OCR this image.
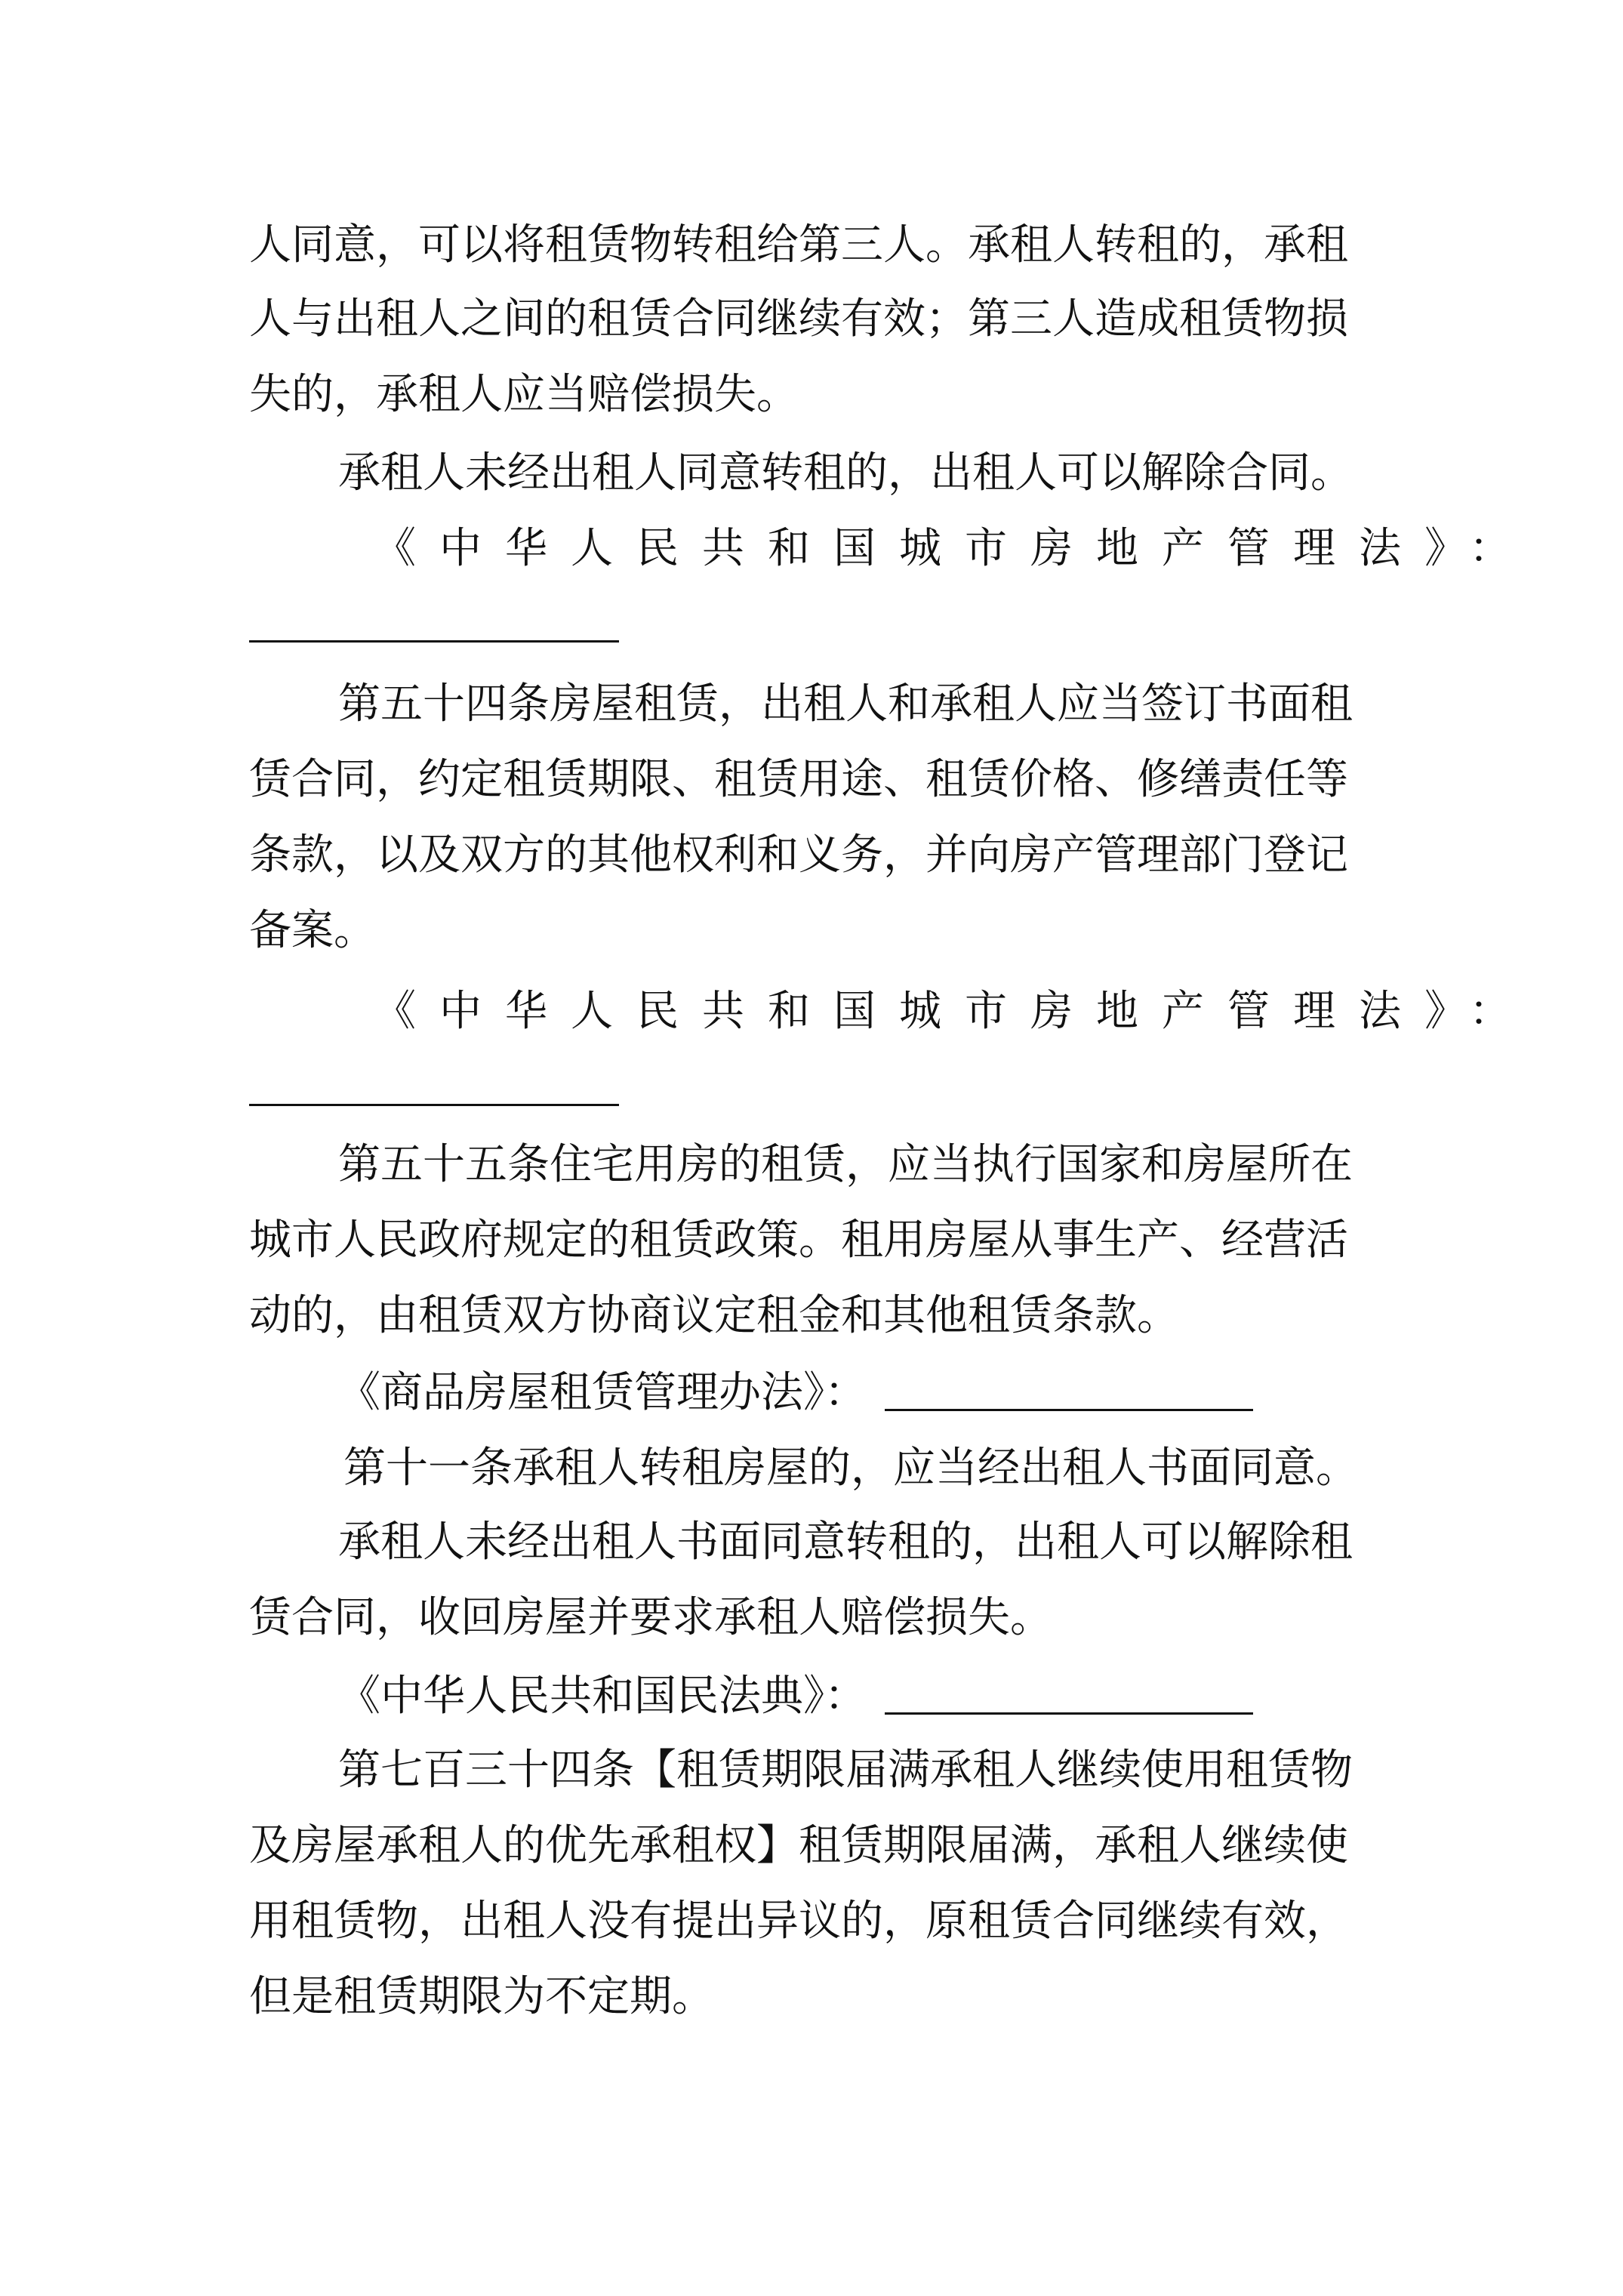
人同意，可以将租赁物转租给第三人。承租人转租的，承租
人与出租人之间的租赁合同继续有效；第三人造成租赁物损
失的，承租人应当赔偿损失。
承租人未经出租人同意转租的，出租人可以解除合同。
《中华人民共和国城市房地产管理法》：
第五十四条房屋租赁，出租人和承租人应当签订书面租
赁合同，约定租赁期限、租赁用途、租赁价格、修缮责任等
条款，以及双方的其他权利和义务，并向房产管理部门登记
备案。
《中华人民共和国城市房地产管理法》：
第五十五条住宅用房的租赁，应当执行国家和房屋所在
城市人民政府规定的租赁政策。租用房屋从事生产、经营活
动的，由租赁双方协商议定租金和其他租赁条款。
《商品房屋租赁管理办法》：
第十一条承租人转租房屋的，应当经出租人书面同意。
承租人未经出租人书面同意转租的，出租人可以解除租
赁合同，收回房屋并要求承租人赔偿损失。
《中华人民共和国民法典》：
第七百三十四条【租赁期限届满承租人继续使用租赁物
及房屋承租人的优先承租权】租赁期限届满，承租人继续使
用租赁物，出租人没有提出异议的，原租赁合同继续有效，
但是租赁期限为不定期。
